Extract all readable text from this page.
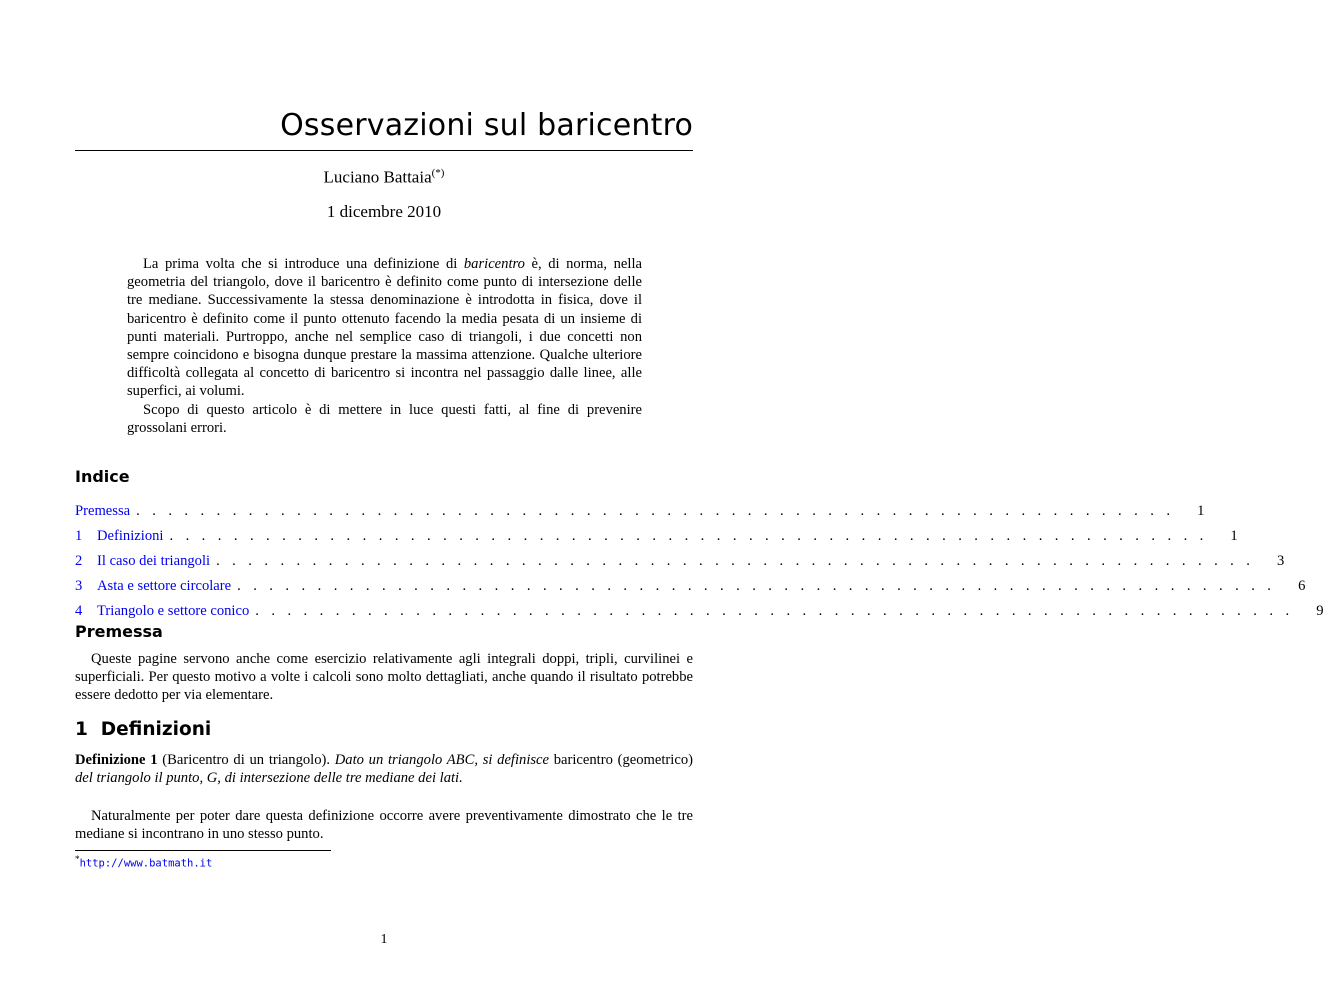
Osservazioni sul baricentro
Luciano Battaia(*)
1 dicembre 2010

La prima volta che si introduce una definizione di baricentro è, di norma, nella geometria del triangolo, dove il baricentro è definito come punto di intersezione delle tre mediane. Successivamente la stessa denominazione è introdotta in fisica, dove il baricentro è definito come il punto ottenuto facendo la media pesata di un insieme di punti materiali. Purtroppo, anche nel semplice caso di triangoli, i due concetti non sempre coincidono e bisogna dunque prestare la massima attenzione. Qualche ulteriore difficoltà collegata al concetto di baricentro si incontra nel passaggio dalle linee, alle superfici, ai volumi.

Scopo di questo articolo è di mettere in luce questi fatti, al fine di prevenire grossolani errori.

Indice
Premessa . . . . . . . . . . . . . . . . . . . . . . . . . . . . . . . . . . . . . . . . . . . . . . . . . . . . . . . . . . . . . . . . .	1
1	Definizioni . . . . . . . . . . . . . . . . . . . . . . . . . . . . . . . . . . . . . . . . . . . . . . . . . . . . . . . . . . . . . . . . .	1
2	Il caso dei triangoli . . . . . . . . . . . . . . . . . . . . . . . . . . . . . . . . . . . . . . . . . . . . . . . . . . . . . . . . . . . . . . . . .	3
3	Asta e settore circolare . . . . . . . . . . . . . . . . . . . . . . . . . . . . . . . . . . . . . . . . . . . . . . . . . . . . . . . . . . . . . . . . .	6
4	Triangolo e settore conico . . . . . . . . . . . . . . . . . . . . . . . . . . . . . . . . . . . . . . . . . . . . . . . . . . . . . . . . . . . . . . . . .	9
Premessa

Queste pagine servono anche come esercizio relativamente agli integrali doppi, tripli, curvilinei e superficiali. Per questo motivo a volte i calcoli sono molto dettagliati, anche quando il risultato potrebbe essere dedotto per via elementare.

1  Definizioni

Definizione 1 (Baricentro di un triangolo). Dato un triangolo ABC, si definisce baricentro (geometrico) del triangolo il punto, G, di intersezione delle tre mediane dei lati.

Naturalmente per poter dare questa definizione occorre avere preventivamente dimostrato che le tre mediane si incontrano in uno stesso punto.

*http://www.batmath.it
1
